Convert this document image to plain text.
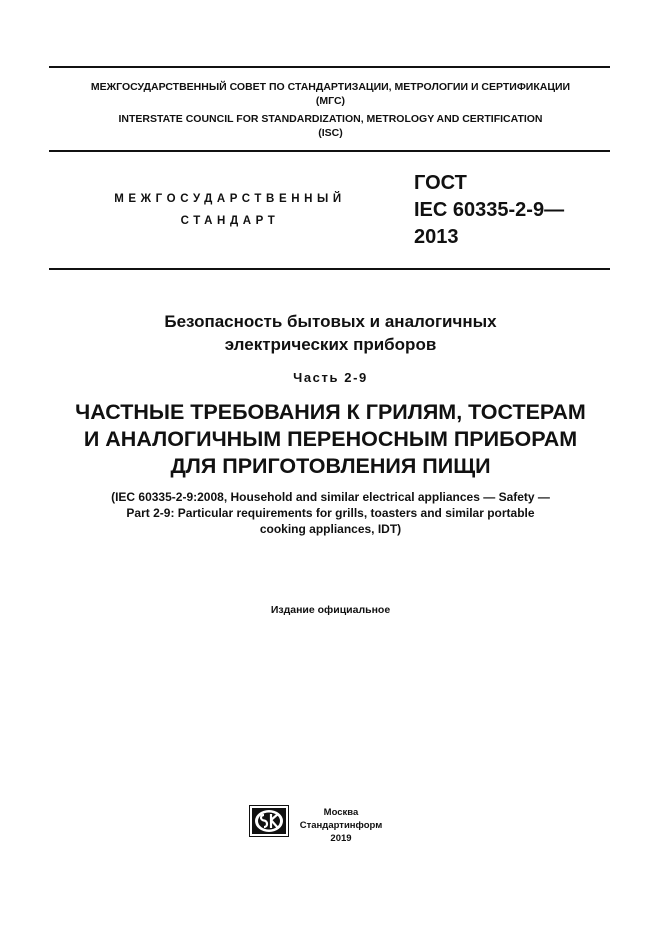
МЕЖГОСУДАРСТВЕННЫЙ СОВЕТ ПО СТАНДАРТИЗАЦИИ, МЕТРОЛОГИИ И СЕРТИФИКАЦИИ
(МГС)
INTERSTATE COUNCIL FOR STANDARDIZATION, METROLOGY AND CERTIFICATION
(ISC)
МЕЖГОСУДАРСТВЕННЫЙ
СТАНДАРТ
ГОСТ
IEC 60335-2-9—
2013
Безопасность бытовых и аналогичных
электрических приборов
Часть 2-9
ЧАСТНЫЕ ТРЕБОВАНИЯ К ГРИЛЯМ, ТОСТЕРАМ
И АНАЛОГИЧНЫМ ПЕРЕНОСНЫМ ПРИБОРАМ
ДЛЯ ПРИГОТОВЛЕНИЯ ПИЩИ
(IEC 60335-2-9:2008, Household and similar electrical appliances — Safety —
Part 2-9: Particular requirements for grills, toasters and similar portable
cooking appliances, IDT)
Издание официальное
Москва
Стандартинформ
2019
